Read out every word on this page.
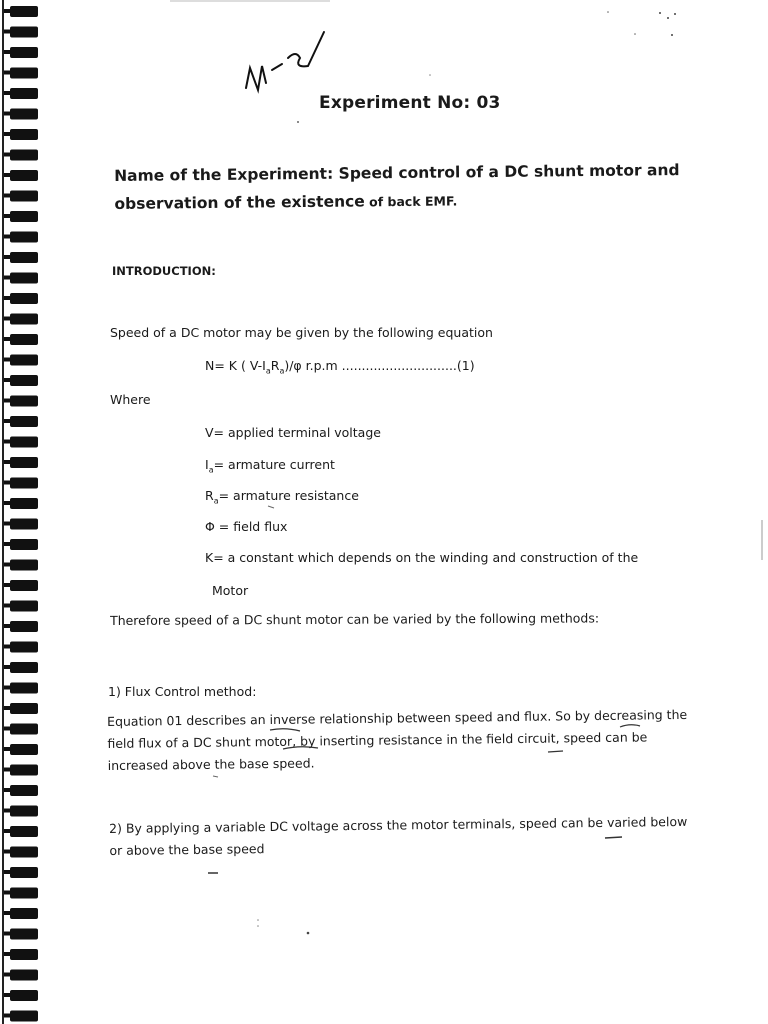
Experiment No: 03
Name of the Experiment: Speed control of a DC shunt motor and observation of the existence of back EMF.
INTRODUCTION:
Speed of a DC motor may be given by the following equation
N= K ( $V-I_aR_a)/\varphi$ r.p.m .............................(1)
Where
V= applied terminal voltage
$I_a=$ armature current
$R_a=$ armature resistance
Φ = field flux
K= a constant which depends on the winding and construction of the
Motor
Therefore speed of a DC shunt motor can be varied by the following methods:
1) Flux Control method:
Equation 01 describes an inverse relationship between speed and flux. So by decreasing the field flux of a DC shunt motor, by inserting resistance in the field circuit, speed can be increased above the base speed.
2) By applying a variable DC voltage across the motor terminals, speed can be varied below or above the base speed
